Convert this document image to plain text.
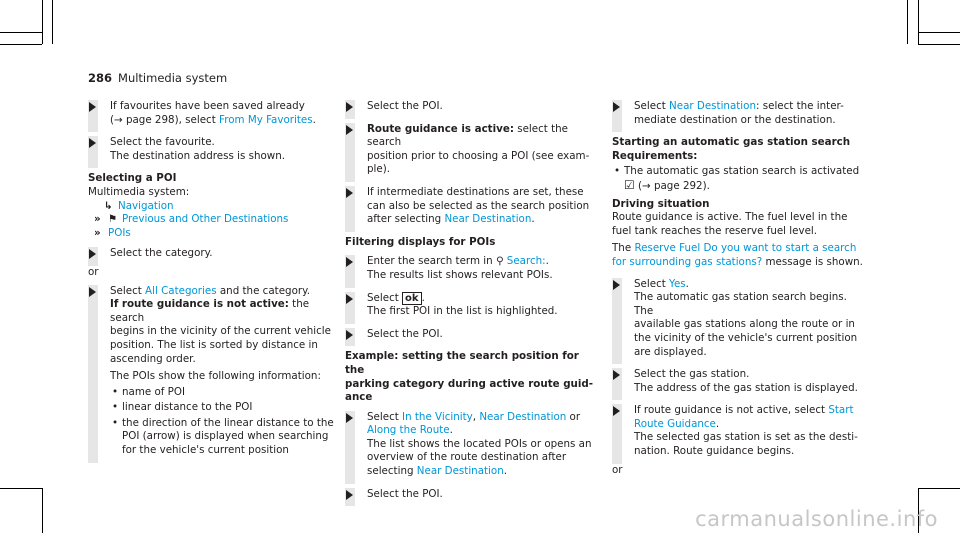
286 Multimedia system

If favourites have been saved already

(→ page 298), select From My Favorites.

Select the favourite.

The destination address is shown.

Selecting a POI

Multimedia system:

↳ Navigation

» ⚑ Previous and Other Destinations

» POIs

Select the category.

or

Select All Categories and the category.

If route guidance is not active: the search

begins in the vicinity of the current vehicle

position. The list is sorted by distance in

ascending order.

The POIs show the following information:

• name of POI

• linear distance to the POI

• the direction of the linear distance to the

POI (arrow) is displayed when searching

for the vehicle's current position

Select the POI.

Route guidance is active: select the search

position prior to choosing a POI (see exam-

ple).

If intermediate destinations are set, these

can also be selected as the search position

after selecting Near Destination.

Filtering displays for POIs

Enter the search term in ⚲ Search:.

The results list shows relevant POIs.

Select ok .

The first POI in the list is highlighted.

Select the POI.

Example: setting the search position for the

parking category during active route guid-

ance

Select In the Vicinity, Near Destination or

Along the Route.

The list shows the located POIs or opens an

overview of the route destination after

selecting Near Destination.

Select the POI.

Select Near Destination: select the inter-

mediate destination or the destination.

Starting an automatic gas station search

Requirements:

• The automatic gas station search is activated

☑ (→ page 292).

Driving situation

Route guidance is active. The fuel level in the

fuel tank reaches the reserve fuel level.

The Reserve Fuel Do you want to start a search

for surrounding gas stations? message is shown.

Select Yes.

The automatic gas station search begins. The

available gas stations along the route or in

the vicinity of the vehicle's current position

are displayed.

Select the gas station.

The address of the gas station is displayed.

If route guidance is not active, select Start

Route Guidance.

The selected gas station is set as the desti-

nation. Route guidance begins.

or

carmanualsonline.info
